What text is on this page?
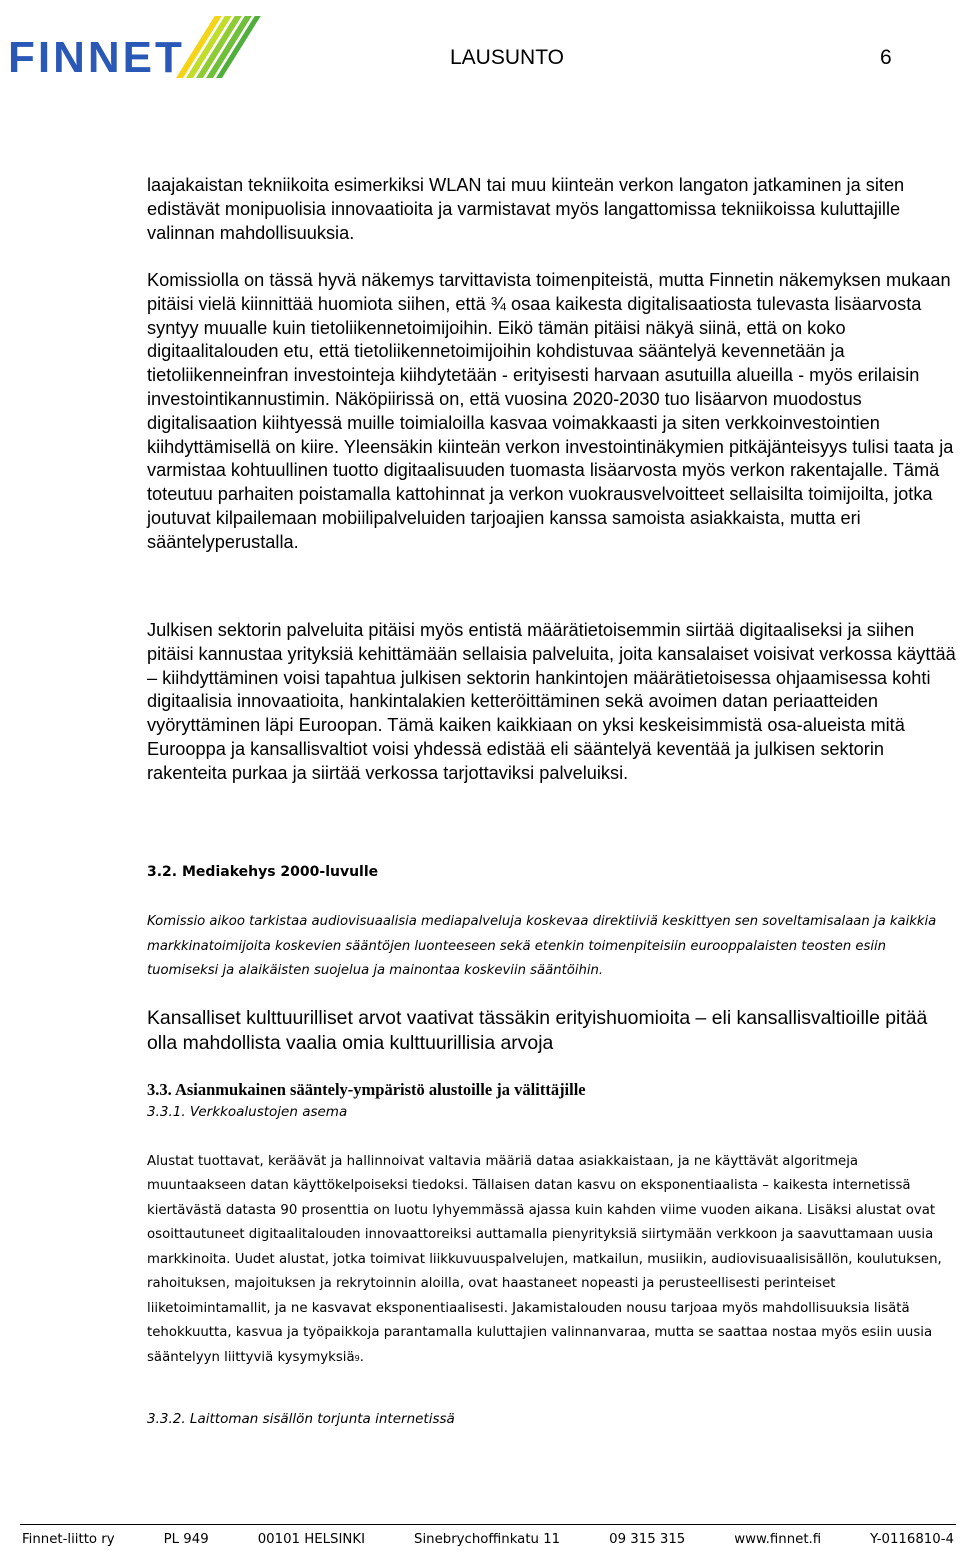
FINNET	LAUSUNTO	6

laajakaistan tekniikoita esimerkiksi WLAN tai muu kiinteän verkon langaton jatkaminen ja siten edistävät monipuolisia innovaatioita ja varmistavat myös langattomissa tekniikoissa kuluttajille valinnan mahdollisuuksia.

Komissiolla on tässä hyvä näkemys tarvittavista toimenpiteistä, mutta Finnetin näkemyksen mukaan pitäisi vielä kiinnittää huomiota siihen, että ¾ osaa kaikesta digitalisaatiosta tulevasta lisäarvosta syntyy muualle kuin tietoliikennetoimijoihin. Eikö tämän pitäisi näkyä siinä, että on koko digitaalitalouden etu, että tietoliikennetoimijoihin kohdistuvaa sääntelyä kevennetään ja tietoliikenneinfran investointeja kiihdytetään - erityisesti harvaan asutuilla alueilla - myös erilaisin investointikannustimin. Näköpiirissä on, että vuosina 2020-2030 tuo lisäarvon muodostus digitalisaation kiihtyessä muille toimialoilla kasvaa voimakkaasti ja siten verkkoinvestointien kiihdyttämisellä on kiire. Yleensäkin kiinteän verkon investointinäkymien pitkäjänteisyys tulisi taata ja varmistaa kohtuullinen tuotto digitaalisuuden tuomasta lisäarvosta myös verkon rakentajalle. Tämä toteutuu parhaiten poistamalla kattohinnat ja verkon vuokrausvelvoitteet sellaisilta toimijoilta, jotka joutuvat kilpailemaan mobiilipalveluiden tarjoajien kanssa samoista asiakkaista, mutta eri sääntelyperustalla.

Julkisen sektorin palveluita pitäisi myös entistä määrätietoisemmin siirtää digitaaliseksi ja siihen pitäisi kannustaa yrityksiä kehittämään sellaisia palveluita, joita kansalaiset voisivat verkossa käyttää – kiihdyttäminen voisi tapahtua julkisen sektorin hankintojen määrätietoisessa ohjaamisessa kohti digitaalisia innovaatioita, hankintalakien ketteröittäminen sekä avoimen datan periaatteiden vyöryttäminen läpi Euroopan. Tämä kaiken kaikkiaan on yksi keskeisimmistä osa-alueista mitä Eurooppa ja kansallisvaltiot voisi yhdessä edistää eli sääntelyä keventää ja julkisen sektorin rakenteita purkaa ja siirtää verkossa tarjottaviksi palveluiksi.

3.2. Mediakehys 2000-luvulle

Komissio aikoo tarkistaa audiovisuaalisia mediapalveluja koskevaa direktiiviä keskittyen sen soveltamisalaan ja kaikkia markkinatoimijoita koskevien sääntöjen luonteeseen sekä etenkin toimenpiteisiin eurooppalaisten teosten esiin tuomiseksi ja alaikäisten suojelua ja mainontaa koskeviin sääntöihin.

Kansalliset kulttuurilliset arvot vaativat tässäkin erityishuomioita – eli kansallisvaltioille pitää olla mahdollista vaalia omia kulttuurillisia arvoja

3.3. Asianmukainen sääntely-ympäristö alustoille ja välittäjille

3.3.1. Verkkoalustojen asema

Alustat tuottavat, keräävät ja hallinnoivat valtavia määriä dataa asiakkaistaan, ja ne käyttävät algoritmeja muuntaakseen datan käyttökelpoiseksi tiedoksi. Tällaisen datan kasvu on eksponentiaalista – kaikesta internetissä kiertävästä datasta 90 prosenttia on luotu lyhyemmässä ajassa kuin kahden viime vuoden aikana. Lisäksi alustat ovat osoittautuneet digitaalitalouden innovaattoreiksi auttamalla pienyrityksiä siirtymään verkkoon ja saavuttamaan uusia markkinoita. Uudet alustat, jotka toimivat liikkuvuuspalvelujen, matkailun, musiikin, audiovisuaalisisällön, koulutuksen, rahoituksen, majoituksen ja rekrytoinnin aloilla, ovat haastaneet nopeasti ja perusteellisesti perinteiset liiketoimintamallit, ja ne kasvavat eksponentiaalisesti. Jakamistalouden nousu tarjoaa myös mahdollisuuksia lisätä tehokkuutta, kasvua ja työpaikkoja parantamalla kuluttajien valinnanvaraa, mutta se saattaa nostaa myös esiin uusia sääntelyyn liittyviä kysymyksiä9.

3.3.2. Laittoman sisällön torjunta internetissä

Finnet-liitto ry	PL 949	00101 HELSINKI	Sinebrychoffinkatu 11	09 315 315	www.finnet.fi	Y-0116810-4
